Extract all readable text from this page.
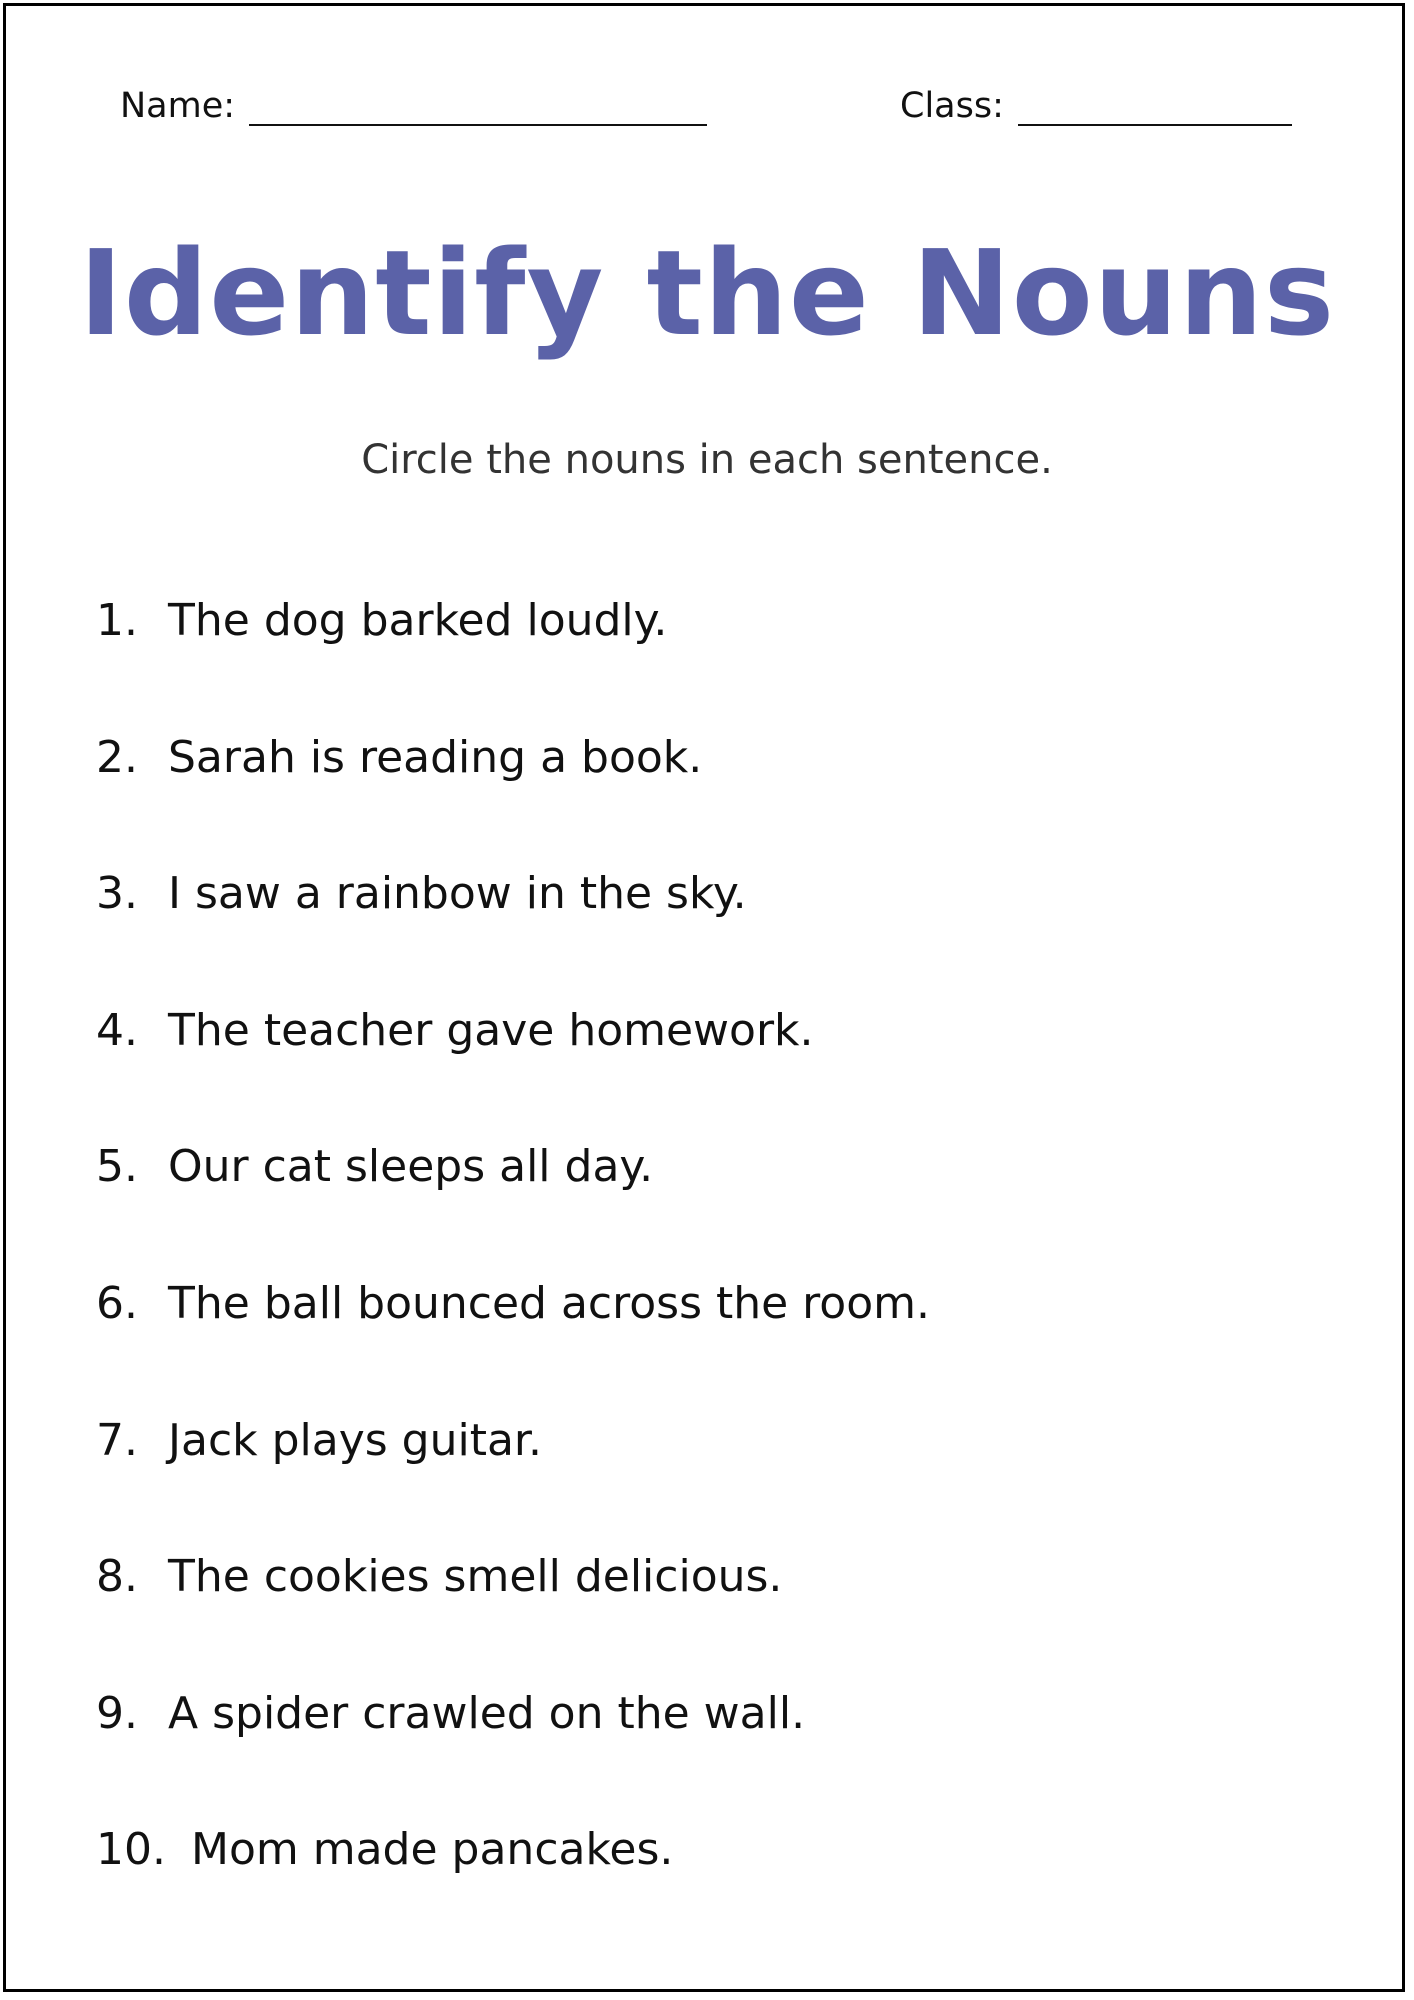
Name:	Class:
Identify the Nouns
Circle the nouns in each sentence.
1. The dog barked loudly.
2. Sarah is reading a book.
3. I saw a rainbow in the sky.
4. The teacher gave homework.
5. Our cat sleeps all day.
6. The ball bounced across the room.
7. Jack plays guitar.
8. The cookies smell delicious.
9. A spider crawled on the wall.
10. Mom made pancakes.
